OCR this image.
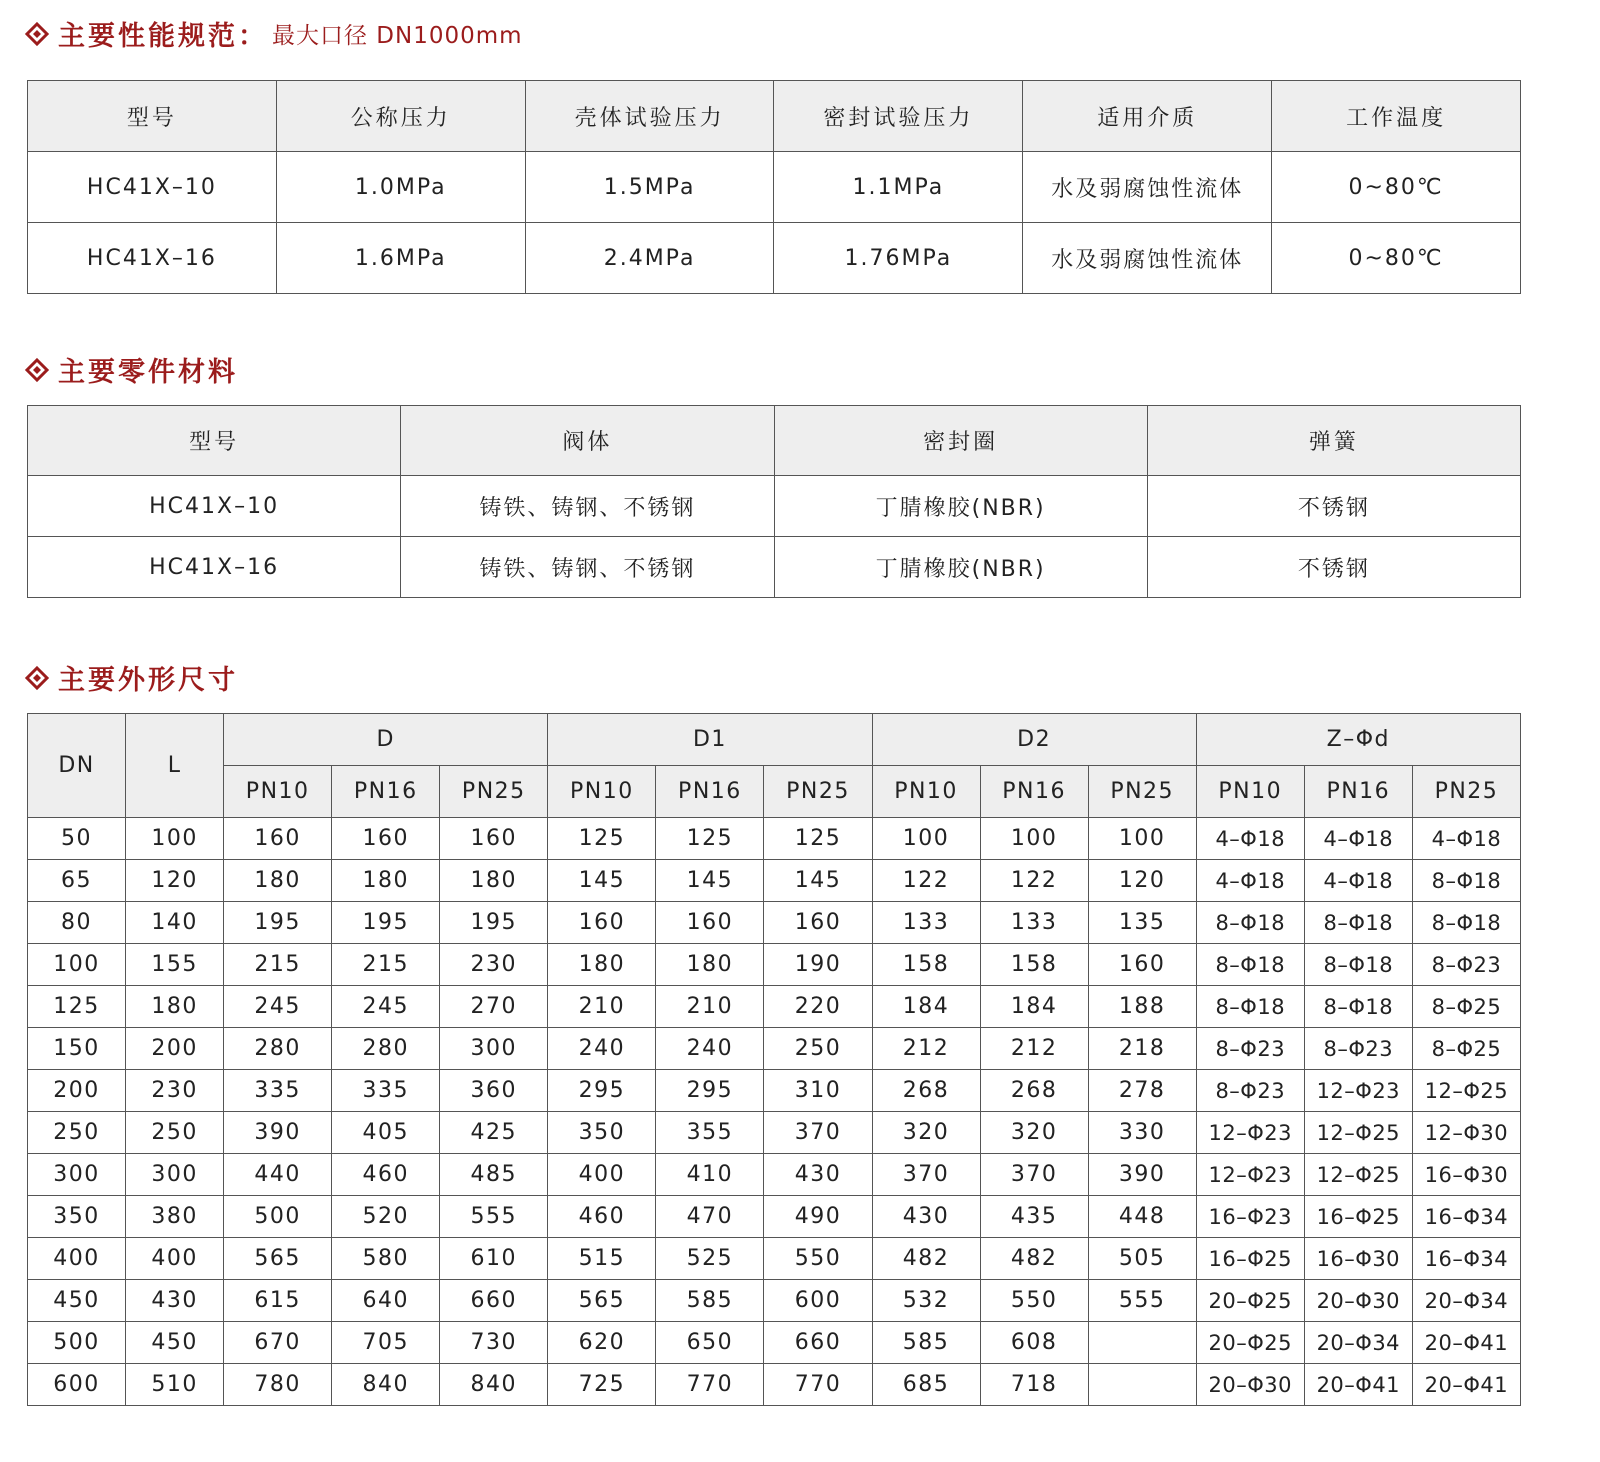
主要性能规范： 最大口径 DN1000mm
型号	公称压力	壳体试验压力	密封试验压力	适用介质	工作温度
HC41X–10	1.0MPa	1.5MPa	1.1MPa	水及弱腐蚀性流体	0~80℃
HC41X–16	1.6MPa	2.4MPa	1.76MPa	水及弱腐蚀性流体	0~80℃
主要零件材料
型号	阀体	密封圈	弹簧
HC41X–10	铸铁、铸钢、不锈钢	丁腈橡胶(NBR)	不锈钢
HC41X–16	铸铁、铸钢、不锈钢	丁腈橡胶(NBR)	不锈钢
主要外形尺寸
DN	L	D			D1			D2			Z–Φd		
		PN10	PN16	PN25	PN10	PN16	PN25	PN10	PN16	PN25	PN10	PN16	PN25
50	100	160	160	160	125	125	125	100	100	100	4–Φ18	4–Φ18	4–Φ18
65	120	180	180	180	145	145	145	122	122	120	4–Φ18	4–Φ18	8–Φ18
80	140	195	195	195	160	160	160	133	133	135	8–Φ18	8–Φ18	8–Φ18
100	155	215	215	230	180	180	190	158	158	160	8–Φ18	8–Φ18	8–Φ23
125	180	245	245	270	210	210	220	184	184	188	8–Φ18	8–Φ18	8–Φ25
150	200	280	280	300	240	240	250	212	212	218	8–Φ23	8–Φ23	8–Φ25
200	230	335	335	360	295	295	310	268	268	278	8–Φ23	12–Φ23	12–Φ25
250	250	390	405	425	350	355	370	320	320	330	12–Φ23	12–Φ25	12–Φ30
300	300	440	460	485	400	410	430	370	370	390	12–Φ23	12–Φ25	16–Φ30
350	380	500	520	555	460	470	490	430	435	448	16–Φ23	16–Φ25	16–Φ34
400	400	565	580	610	515	525	550	482	482	505	16–Φ25	16–Φ30	16–Φ34
450	430	615	640	660	565	585	600	532	550	555	20–Φ25	20–Φ30	20–Φ34
500	450	670	705	730	620	650	660	585	608		20–Φ25	20–Φ34	20–Φ41
600	510	780	840	840	725	770	770	685	718		20–Φ30	20–Φ41	20–Φ41
